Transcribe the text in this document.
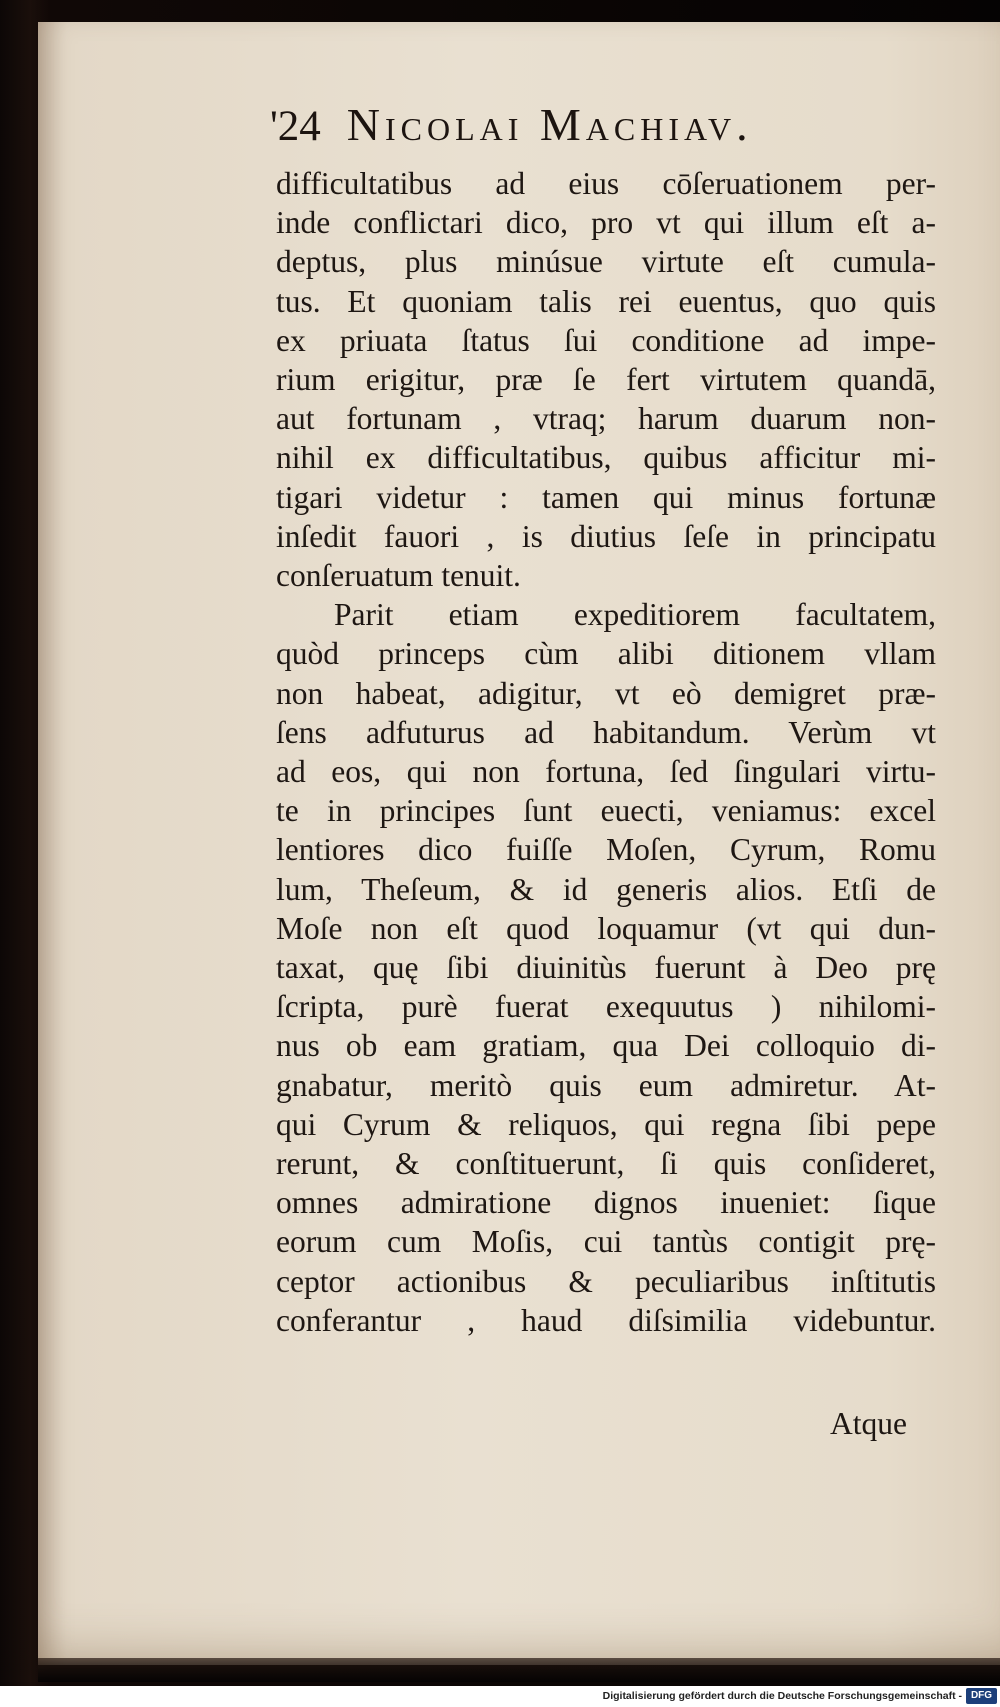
'24 Nicolai Machiav.
difficultatibus ad eius cōſeruationem per-
inde conflictari dico, pro vt qui illum eſt a-
deptus, plus minúsue virtute eſt cumula-
tus. Et quoniam talis rei euentus, quo quis
ex priuata ſtatus ſui conditione ad impe-
rium erigitur, præ ſe fert virtutem quandā,
aut fortunam , vtraq; harum duarum non-
nihil ex difficultatibus, quibus afficitur mi-
tigari videtur : tamen qui minus fortunæ
inſedit fauori , is diutius ſeſe in principatu
conſeruatum tenuit.
Parit etiam expeditiorem facultatem,
quòd princeps cùm alibi ditionem vllam
non habeat, adigitur, vt eò demigret præ-
ſens adfuturus ad habitandum. Verùm vt
ad eos, qui non fortuna, ſed ſingulari virtu-
te in principes ſunt euecti, veniamus: excel
lentiores dico fuiſſe Moſen, Cyrum, Romu
lum, Theſeum, & id generis alios. Etſi de
Moſe non eſt quod loquamur (vt qui dun-
taxat, quę ſibi diuinitùs fuerunt à Deo prę
ſcripta, purè fuerat exequutus ) nihilomi-
nus ob eam gratiam, qua Dei colloquio di-
gnabatur, meritò quis eum admiretur. At-
qui Cyrum & reliquos, qui regna ſibi pepe
rerunt, & conſtituerunt, ſi quis conſideret,
omnes admiratione dignos inueniet: ſique
eorum cum Moſis, cui tantùs contigit prę-
ceptor actionibus & peculiaribus inſtitutis
conferantur , haud diſsimilia videbuntur.
Atque
Digitalisierung gefördert durch die Deutsche Forschungsgemeinschaft - DFG
